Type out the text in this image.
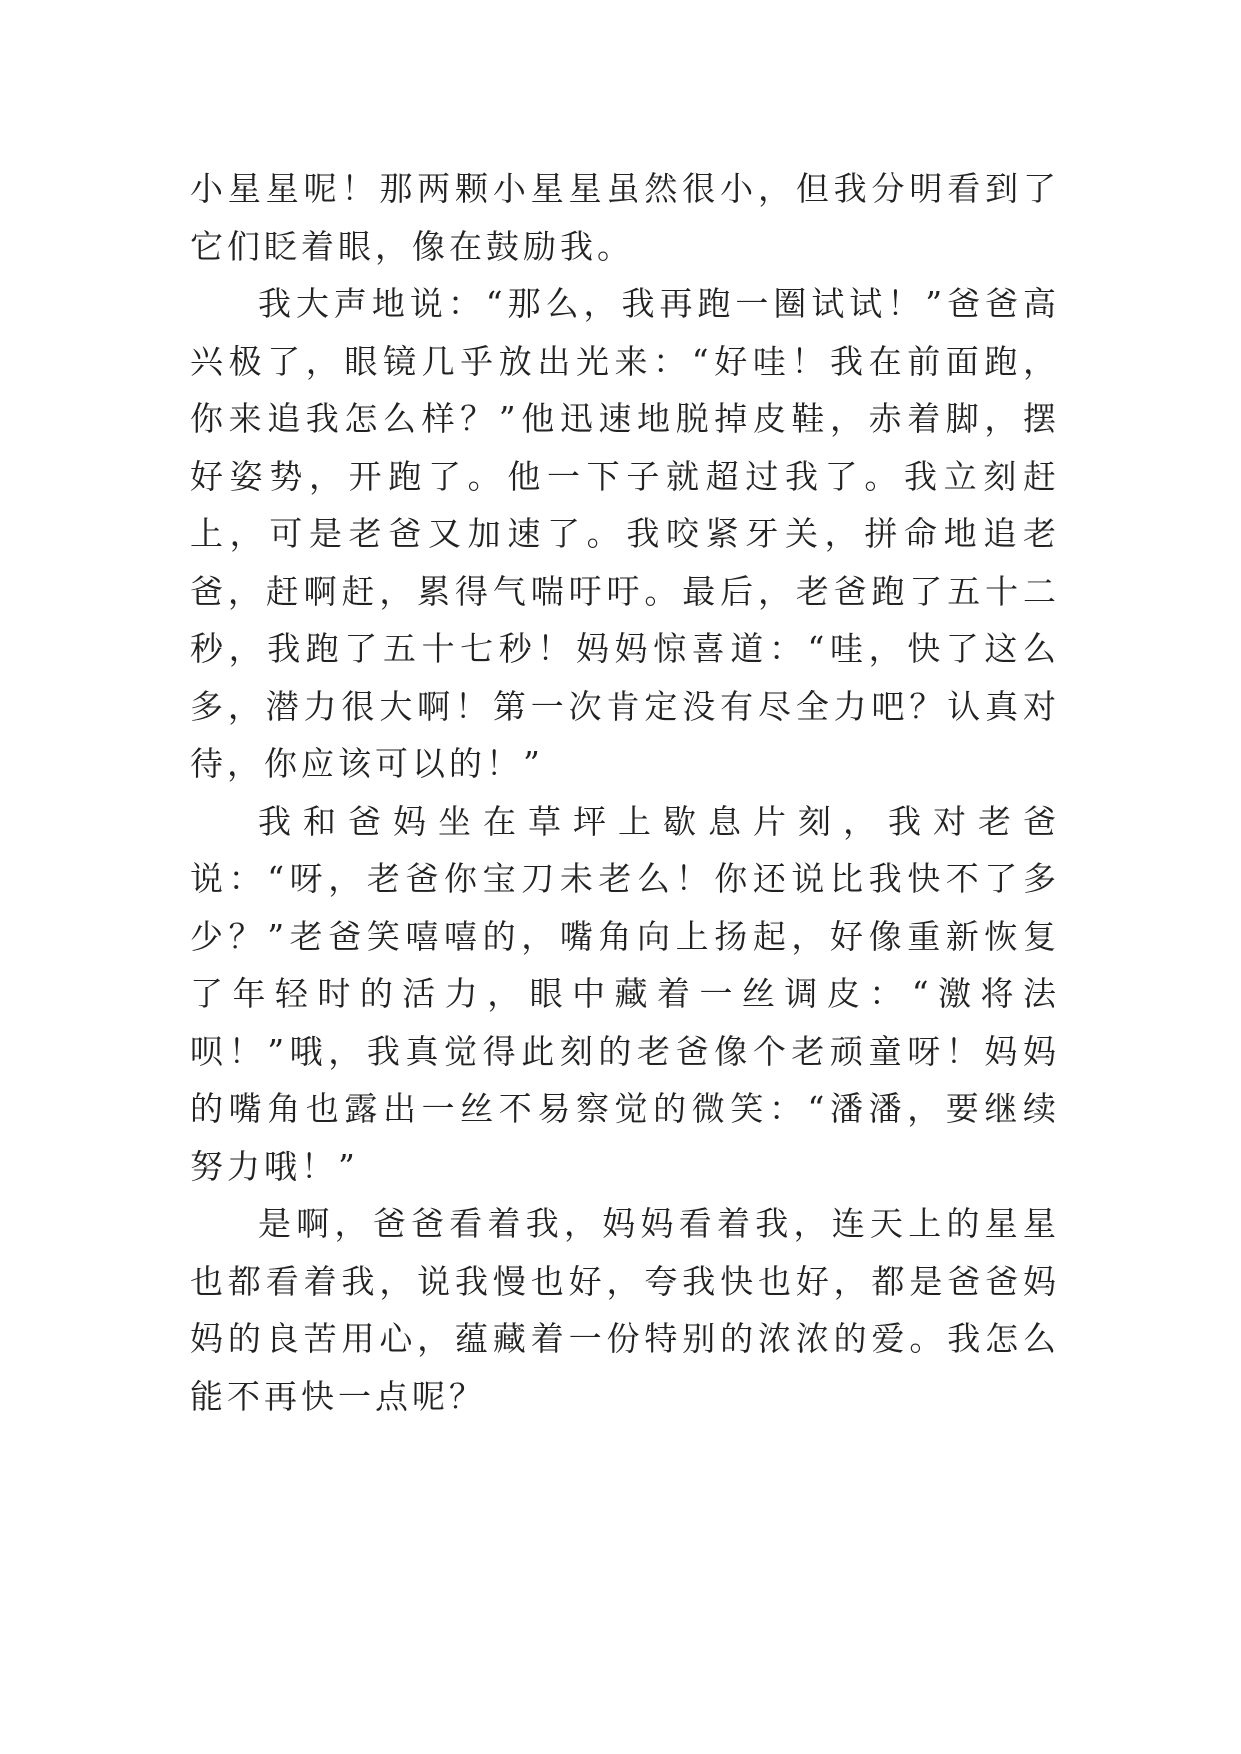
小星星呢！那两颗小星星虽然很小，但我分明看到了它们眨着眼，像在鼓励我。

我大声地说：“那么，我再跑一圈试试！”爸爸高兴极了，眼镜几乎放出光来：“好哇！我在前面跑，你来追我怎么样？”他迅速地脱掉皮鞋，赤着脚，摆好姿势，开跑了。他一下子就超过我了。我立刻赶上，可是老爸又加速了。我咬紧牙关，拼命地追老爸，赶啊赶，累得气喘吁吁。最后，老爸跑了五十二秒，我跑了五十七秒！妈妈惊喜道：“哇，快了这么多，潜力很大啊！第一次肯定没有尽全力吧？认真对待，你应该可以的！”

我和爸妈坐在草坪上歇息片刻，我对老爸说：“呀，老爸你宝刀未老么！你还说比我快不了多少？”老爸笑嘻嘻的，嘴角向上扬起，好像重新恢复了年轻时的活力，眼中藏着一丝调皮：“激将法呗！”哦，我真觉得此刻的老爸像个老顽童呀！妈妈的嘴角也露出一丝不易察觉的微笑：“潘潘，要继续努力哦！”

是啊，爸爸看着我，妈妈看着我，连天上的星星也都看着我，说我慢也好，夸我快也好，都是爸爸妈妈的良苦用心，蕴藏着一份特别的浓浓的爱。我怎么能不再快一点呢？
